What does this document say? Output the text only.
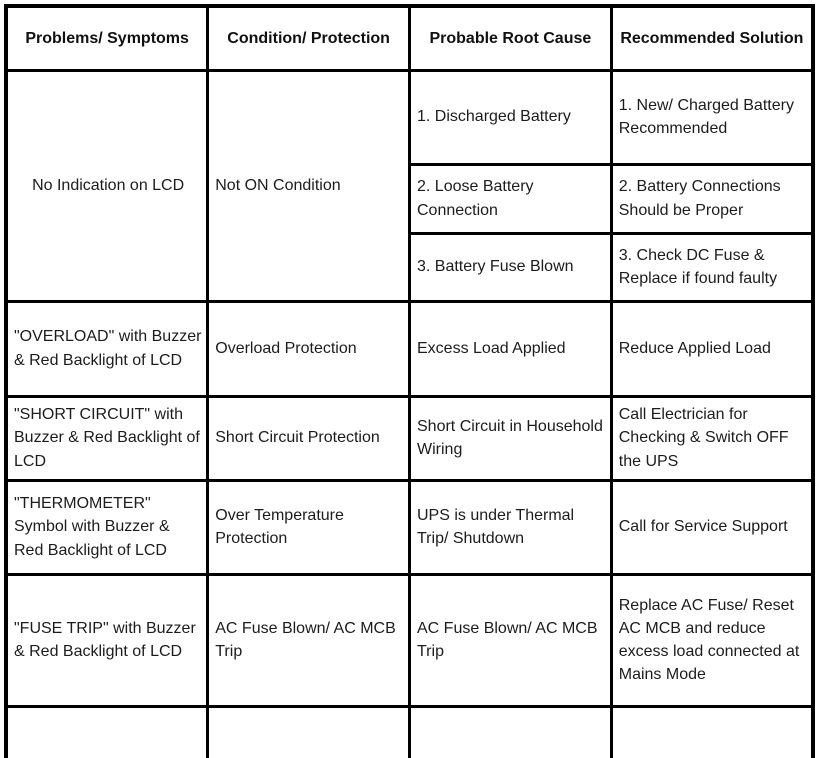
Problems/ Symptoms	Condition/ Protection	Probable Root Cause	Recommended Solution
No Indication on LCD	Not ON Condition	1. Discharged Battery	1. New/ Charged Battery Recommended
		2. Loose Battery Connection	2. Battery Connections Should be Proper
		3. Battery Fuse Blown	3. Check DC Fuse & Replace if found faulty
"OVERLOAD" with Buzzer & Red Backlight of LCD	Overload Protection	Excess Load Applied	Reduce Applied Load
"SHORT CIRCUIT" with Buzzer & Red Backlight of LCD	Short Circuit Protection	Short Circuit in Household Wiring	Call Electrician for Checking & Switch OFF the UPS
"THERMOMETER" Symbol with Buzzer & Red Backlight of LCD	Over Temperature Protection	UPS is under Thermal Trip/ Shutdown	Call for Service Support
"FUSE TRIP" with Buzzer & Red Backlight of LCD	AC Fuse Blown/ AC MCB Trip	AC Fuse Blown/ AC MCB Trip	Replace AC Fuse/ Reset AC MCB and reduce excess load connected at Mains Mode
